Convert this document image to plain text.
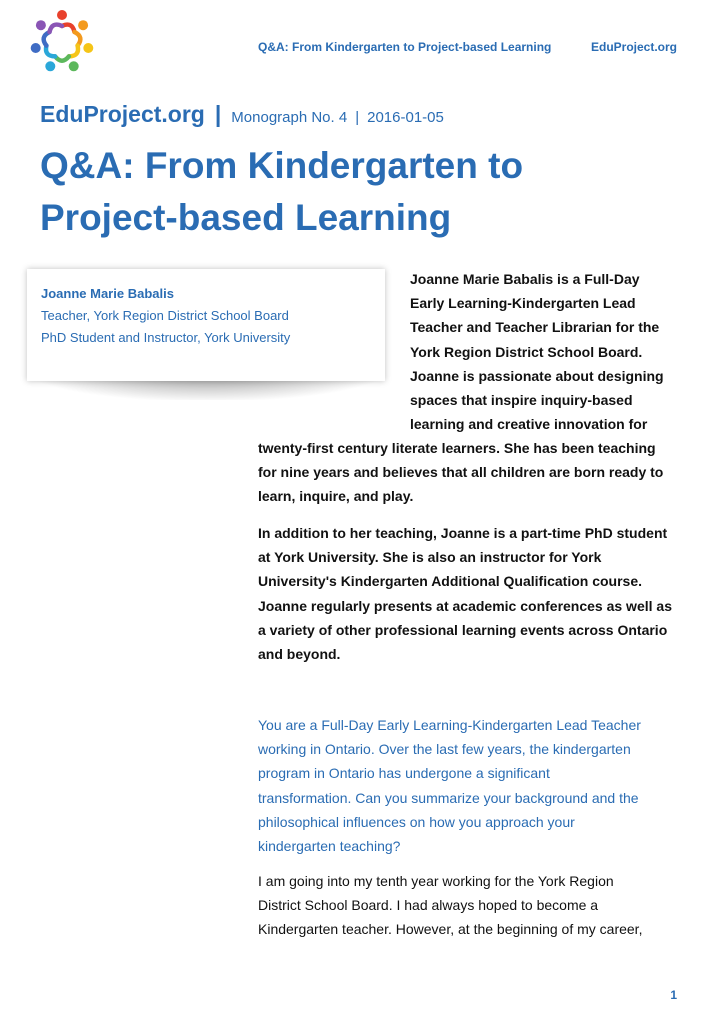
Q&A: From Kindergarten to Project-based Learning	EduProject.org
EduProject.org | Monograph No. 4 | 2016-01-05
Q&A: From Kindergarten to
Project-based Learning
Joanne Marie Babalis
Teacher, York Region District School Board
PhD Student and Instructor, York University
Joanne Marie Babalis is a Full-Day
Early Learning-Kindergarten Lead
Teacher and Teacher Librarian for the
York Region District School Board.
Joanne is passionate about designing
spaces that inspire inquiry-based
learning and creative innovation for
twenty-first century literate learners. She has been teaching
for nine years and believes that all children are born ready to
learn, inquire, and play.
In addition to her teaching, Joanne is a part-time PhD student
at York University. She is also an instructor for York
University's Kindergarten Additional Qualification course.
Joanne regularly presents at academic conferences as well as
a variety of other professional learning events across Ontario
and beyond.
You are a Full-Day Early Learning-Kindergarten Lead Teacher
working in Ontario. Over the last few years, the kindergarten
program in Ontario has undergone a significant
transformation. Can you summarize your background and the
philosophical influences on how you approach your
kindergarten teaching?
I am going into my tenth year working for the York Region
District School Board. I had always hoped to become a
Kindergarten teacher. However, at the beginning of my career,
1
